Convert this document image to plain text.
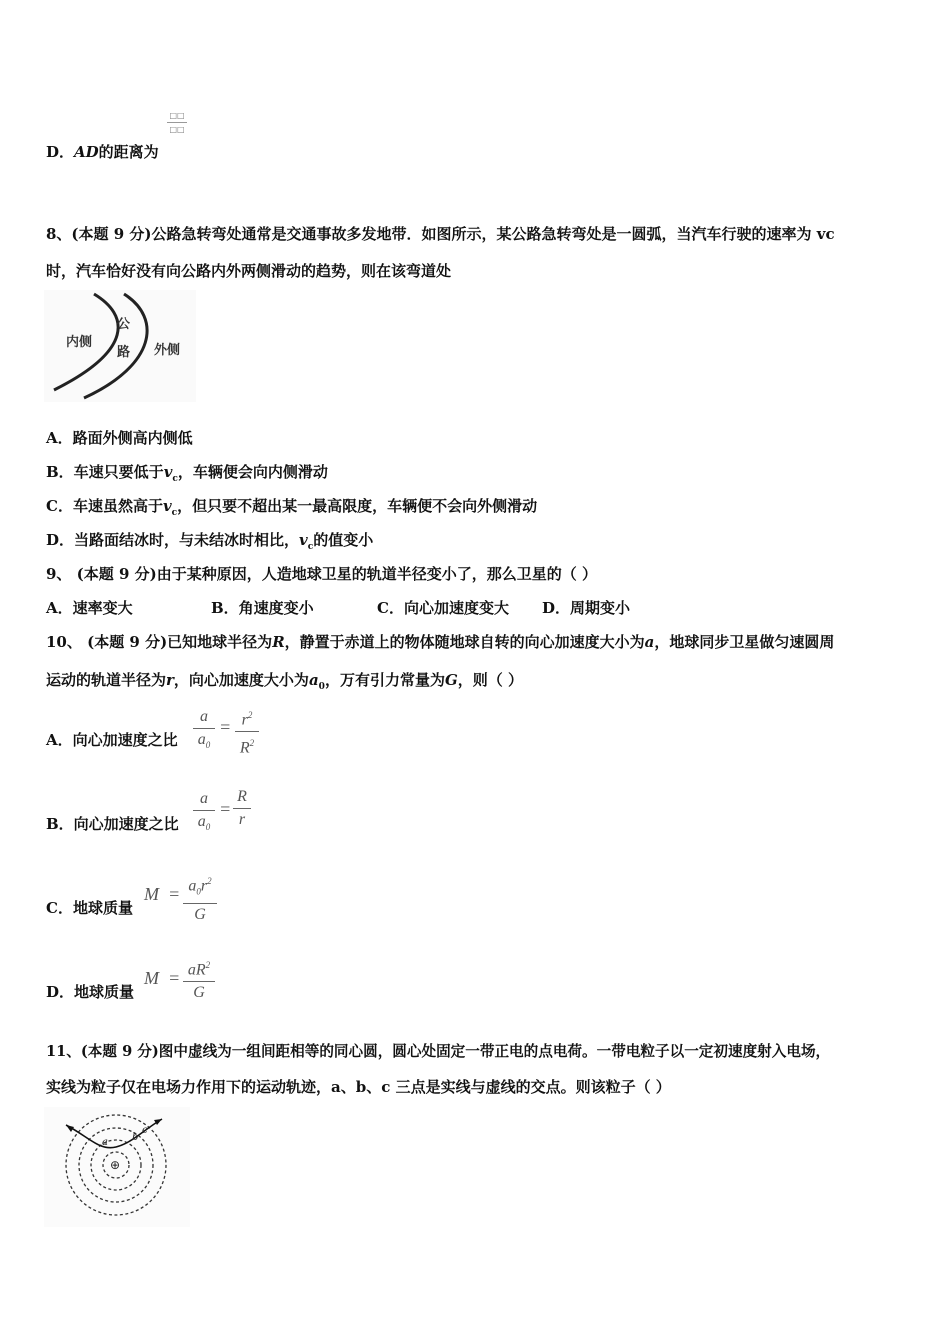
D．AD的距离为
□□
□□
8、(本题 9 分)公路急转弯处通常是交通事故多发地带．如图所示，某公路急转弯处是一圆弧，当汽车行驶的速率为 vc
时，汽车恰好没有向公路内外两侧滑动的趋势，则在该弯道处
内侧
公
路 外侧
A．路面外侧高内侧低
B．车速只要低于$v_c$，车辆便会向内侧滑动
C．车速虽然高于$v_c$，但只要不超出某一最高限度，车辆便不会向外侧滑动
D．当路面结冰时，与未结冰时相比，$v_c$的值变小
9、 (本题 9 分)由于某种原因，人造地球卫星的轨道半径变小了，那么卫星的（ ）
A．速率变大	B．角速度变小	C．向心加速度变大 D．周期变小
10、 (本题 9 分)已知地球半径为R，静置于赤道上的物体随地球自转的向心加速度大小为a，地球同步卫星做匀速圆周
运动的轨道半径为r，向心加速度大小为$a_0$，万有引力常量为G，则（ ）
A．向心加速度之比
a
$a_0$
= $r^2$
$R^2$
B．向心加速度之比
a
$a_0$
=
R
r
C．地球质量
$M = a_0r^2$
G
D．地球质量
$M = aR^2$
G
11、(本题 9 分)图中虚线为一组间距相等的同心圆，圆心处固定一带正电的点电荷。一带电粒子以一定初速度射入电场，
实线为粒子仅在电场力作用下的运动轨迹，a、b、c 三点是实线与虚线的交点。则该粒子（ ）
a b
c
⊕
